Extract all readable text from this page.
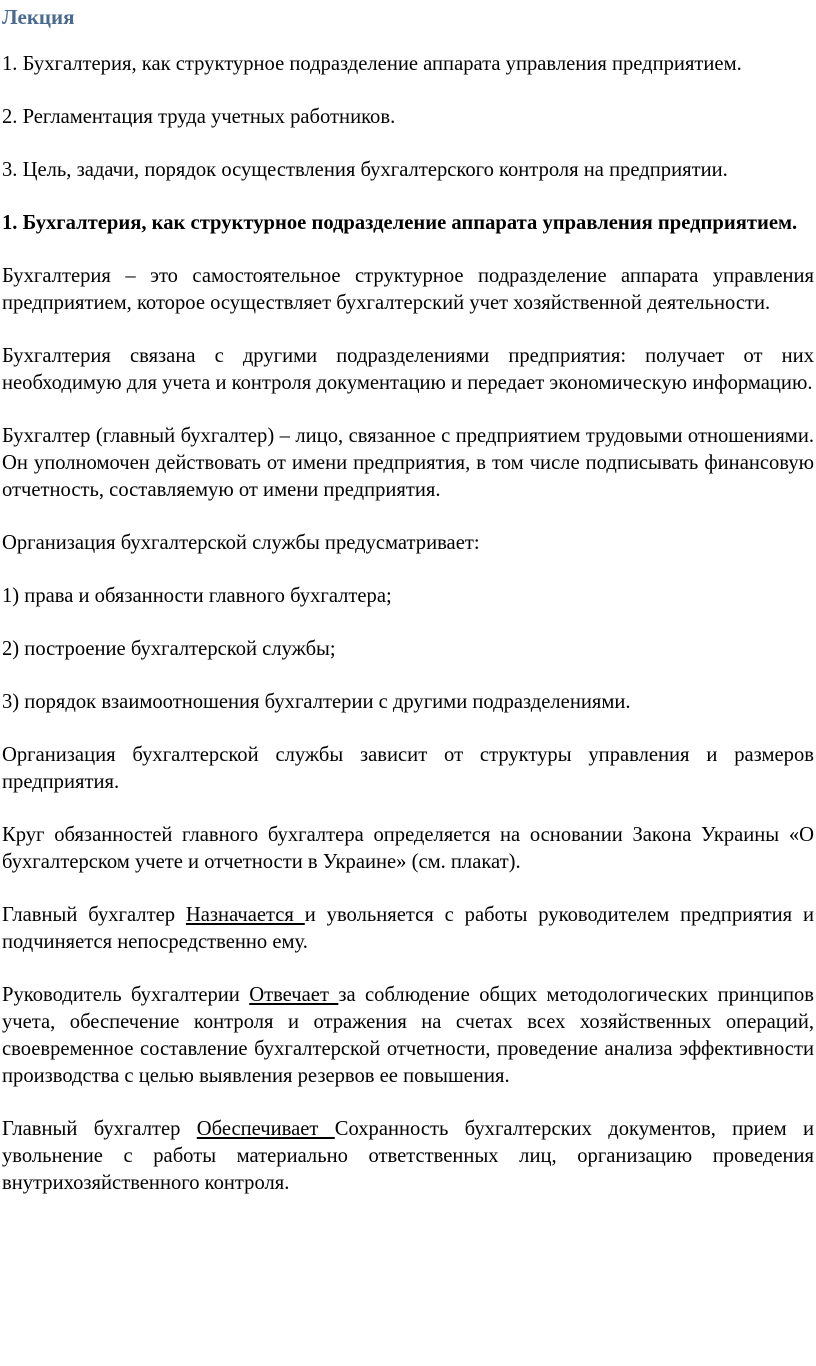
Лекция

1. Бухгалтерия, как структурное подразделение аппарата управления предприятием.

2. Регламентация труда учетных работников.

3. Цель, задачи, порядок осуществления бухгалтерского контроля на предприятии.

1. Бухгалтерия, как структурное подразделение аппарата управления предприятием.

Бухгалтерия – это самостоятельное структурное подразделение аппарата управления предприятием, которое осуществляет бухгалтерский учет хозяйственной деятельности.

Бухгалтерия связана с другими подразделениями предприятия: получает от них необходимую для учета и контроля документацию и передает экономическую информацию.

Бухгалтер (главный бухгалтер) – лицо, связанное с предприятием трудовыми отношениями. Он уполномочен действовать от имени предприятия, в том числе подписывать финансовую отчетность, составляемую от имени предприятия.

Организация бухгалтерской службы предусматривает:

1) права и обязанности главного бухгалтера;

2) построение бухгалтерской службы;

3) порядок взаимоотношения бухгалтерии с другими подразделениями.

Организация бухгалтерской службы зависит от структуры управления и размеров предприятия.

Круг обязанностей главного бухгалтера определяется на основании Закона Украины «О бухгалтерском учете и отчетности в Украине» (см. плакат).

Главный бухгалтер Назначается и увольняется с работы руководителем предприятия и подчиняется непосредственно ему.

Руководитель бухгалтерии Отвечает за соблюдение общих методологических принципов учета, обеспечение контроля и отражения на счетах всех хозяйственных операций, своевременное составление бухгалтерской отчетности, проведение анализа эффективности производства с целью выявления резервов ее повышения.

Главный бухгалтер Обеспечивает Сохранность бухгалтерских документов, прием и увольнение с работы материально ответственных лиц, организацию проведения внутрихозяйственного контроля.
